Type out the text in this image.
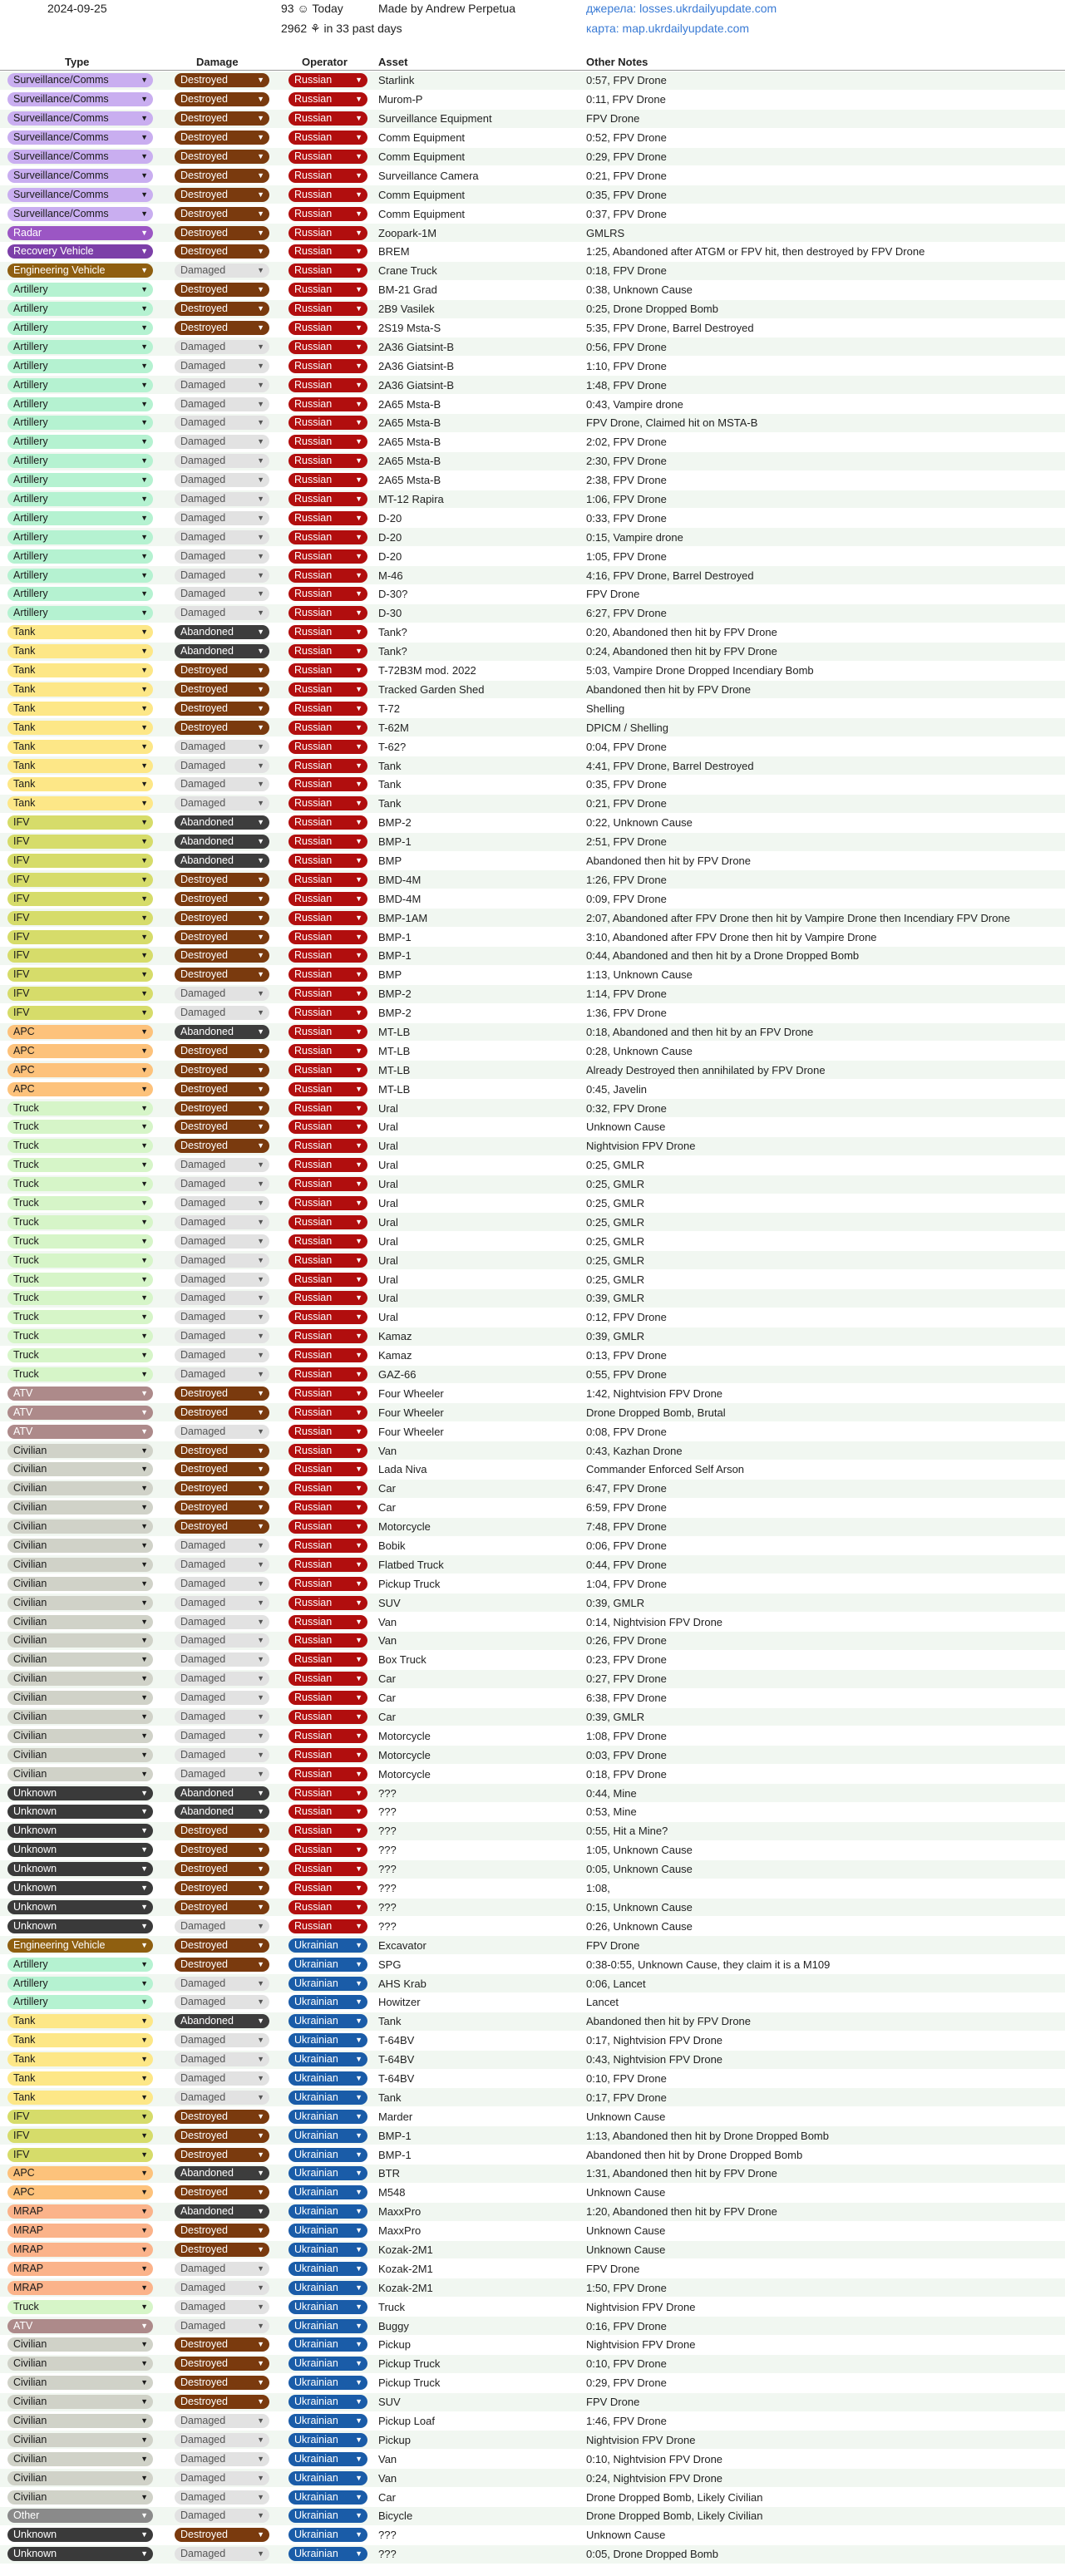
2024-09-25	93 ☺ Today
2962 ⚘ in 33 past days
Made by Andrew Perpetua	джерела: losses.ukrdailyupdate.com
карта: map.ukrdailyupdate.com
Type	Damage	Operator	Asset	Other Notes
Surveillance/Comms	▼	Destroyed	▼	Russian	▼ Starlink	0:57, FPV Drone
Surveillance/Comms	▼	Destroyed	▼	Russian	▼ Murom-P	0:11, FPV Drone
Surveillance/Comms	▼	Destroyed	▼	Russian	▼ Surveillance Equipment	FPV Drone
Surveillance/Comms	▼	Destroyed	▼	Russian	▼ Comm Equipment	0:52, FPV Drone
Surveillance/Comms	▼	Destroyed	▼	Russian	▼ Comm Equipment	0:29, FPV Drone
Surveillance/Comms	▼	Destroyed	▼	Russian	▼ Surveillance Camera	0:21, FPV Drone
Surveillance/Comms	▼	Destroyed	▼	Russian	▼ Comm Equipment	0:35, FPV Drone
Surveillance/Comms	▼	Destroyed	▼	Russian	▼ Comm Equipment	0:37, FPV Drone
Radar	▼	Destroyed	▼	Russian	▼ Zoopark-1M	GMLRS
Recovery Vehicle	▼	Destroyed	▼	Russian	▼ BREM	1:25, Abandoned after ATGM or FPV hit, then destroyed by FPV Drone
Engineering Vehicle	▼	Damaged	▼	Russian	▼ Crane Truck	0:18, FPV Drone
Artillery	▼	Destroyed	▼	Russian	▼ BM-21 Grad	0:38, Unknown Cause
Artillery	▼	Destroyed	▼	Russian	▼ 2B9 Vasilek	0:25, Drone Dropped Bomb
Artillery	▼	Destroyed	▼	Russian	▼ 2S19 Msta-S	5:35, FPV Drone, Barrel Destroyed
Artillery	▼	Damaged	▼	Russian	▼ 2A36 Giatsint-B	0:56, FPV Drone
Artillery	▼	Damaged	▼	Russian	▼ 2A36 Giatsint-B	1:10, FPV Drone
Artillery	▼	Damaged	▼	Russian	▼ 2A36 Giatsint-B	1:48, FPV Drone
Artillery	▼	Damaged	▼	Russian	▼ 2A65 Msta-B	0:43, Vampire drone
Artillery	▼	Damaged	▼	Russian	▼ 2A65 Msta-B	FPV Drone, Claimed hit on MSTA-B
Artillery	▼	Damaged	▼	Russian	▼ 2A65 Msta-B	2:02, FPV Drone
Artillery	▼	Damaged	▼	Russian	▼ 2A65 Msta-B	2:30, FPV Drone
Artillery	▼	Damaged	▼	Russian	▼ 2A65 Msta-B	2:38, FPV Drone
Artillery	▼	Damaged	▼	Russian	▼ MT-12 Rapira	1:06, FPV Drone
Artillery	▼	Damaged	▼	Russian	▼ D-20	0:33, FPV Drone
Artillery	▼	Damaged	▼	Russian	▼ D-20	0:15, Vampire drone
Artillery	▼	Damaged	▼	Russian	▼ D-20	1:05, FPV Drone
Artillery	▼	Damaged	▼	Russian	▼ M-46	4:16, FPV Drone, Barrel Destroyed
Artillery	▼	Damaged	▼	Russian	▼ D-30?	FPV Drone
Artillery	▼	Damaged	▼	Russian	▼ D-30	6:27, FPV Drone
Tank	▼	Abandoned	▼	Russian	▼ Tank?	0:20, Abandoned then hit by FPV Drone
Tank	▼	Abandoned	▼	Russian	▼ Tank?	0:24, Abandoned then hit by FPV Drone
Tank	▼	Destroyed	▼	Russian	▼ T-72B3M mod. 2022	5:03, Vampire Drone Dropped Incendiary Bomb
Tank	▼	Destroyed	▼	Russian	▼ Tracked Garden Shed	Abandoned then hit by FPV Drone
Tank	▼	Destroyed	▼	Russian	▼ T-72	Shelling
Tank	▼	Destroyed	▼	Russian	▼ T-62M	DPICM / Shelling
Tank	▼	Damaged	▼	Russian	▼ T-62?	0:04, FPV Drone
Tank	▼	Damaged	▼	Russian	▼ Tank	4:41, FPV Drone, Barrel Destroyed
Tank	▼	Damaged	▼	Russian	▼ Tank	0:35, FPV Drone
Tank	▼	Damaged	▼	Russian	▼ Tank	0:21, FPV Drone
IFV	▼	Abandoned	▼	Russian	▼ BMP-2	0:22, Unknown Cause
IFV	▼	Abandoned	▼	Russian	▼ BMP-1	2:51, FPV Drone
IFV	▼	Abandoned	▼	Russian	▼ BMP	Abandoned then hit by FPV Drone
IFV	▼	Destroyed	▼	Russian	▼ BMD-4M	1:26, FPV Drone
IFV	▼	Destroyed	▼	Russian	▼ BMD-4M	0:09, FPV Drone
IFV	▼	Destroyed	▼	Russian	▼ BMP-1AM	2:07, Abandoned after FPV Drone then hit by Vampire Drone then Incendiary FPV Drone
IFV	▼	Destroyed	▼	Russian	▼ BMP-1	3:10, Abandoned after FPV Drone then hit by Vampire Drone
IFV	▼	Destroyed	▼	Russian	▼ BMP-1	0:44, Abandoned and then hit by a Drone Dropped Bomb
IFV	▼	Destroyed	▼	Russian	▼ BMP	1:13, Unknown Cause
IFV	▼	Damaged	▼	Russian	▼ BMP-2	1:14, FPV Drone
IFV	▼	Damaged	▼	Russian	▼ BMP-2	1:36, FPV Drone
APC	▼	Abandoned	▼	Russian	▼ MT-LB	0:18, Abandoned and then hit by an FPV Drone
APC	▼	Destroyed	▼	Russian	▼ MT-LB	0:28, Unknown Cause
APC	▼	Destroyed	▼	Russian	▼ MT-LB	Already Destroyed then annihilated by FPV Drone
APC	▼	Destroyed	▼	Russian	▼ MT-LB	0:45, Javelin
Truck	▼	Destroyed	▼	Russian	▼ Ural	0:32, FPV Drone
Truck	▼	Destroyed	▼	Russian	▼ Ural	Unknown Cause
Truck	▼	Destroyed	▼	Russian	▼ Ural	Nightvision FPV Drone
Truck	▼	Damaged	▼	Russian	▼ Ural	0:25, GMLR
Truck	▼	Damaged	▼	Russian	▼ Ural	0:25, GMLR
Truck	▼	Damaged	▼	Russian	▼ Ural	0:25, GMLR
Truck	▼	Damaged	▼	Russian	▼ Ural	0:25, GMLR
Truck	▼	Damaged	▼	Russian	▼ Ural	0:25, GMLR
Truck	▼	Damaged	▼	Russian	▼ Ural	0:25, GMLR
Truck	▼	Damaged	▼	Russian	▼ Ural	0:25, GMLR
Truck	▼	Damaged	▼	Russian	▼ Ural	0:39, GMLR
Truck	▼	Damaged	▼	Russian	▼ Ural	0:12, FPV Drone
Truck	▼	Damaged	▼	Russian	▼ Kamaz	0:39, GMLR
Truck	▼	Damaged	▼	Russian	▼ Kamaz	0:13, FPV Drone
Truck	▼	Damaged	▼	Russian	▼ GAZ-66	0:55, FPV Drone
ATV	▼	Destroyed	▼	Russian	▼ Four Wheeler	1:42, Nightvision FPV Drone
ATV	▼	Destroyed	▼	Russian	▼ Four Wheeler	Drone Dropped Bomb, Brutal
ATV	▼	Damaged	▼	Russian	▼ Four Wheeler	0:08, FPV Drone
Civilian	▼	Destroyed	▼	Russian	▼ Van	0:43, Kazhan Drone
Civilian	▼	Destroyed	▼	Russian	▼ Lada Niva	Commander Enforced Self Arson
Civilian	▼	Destroyed	▼	Russian	▼ Car	6:47, FPV Drone
Civilian	▼	Destroyed	▼	Russian	▼ Car	6:59, FPV Drone
Civilian	▼	Destroyed	▼	Russian	▼ Motorcycle	7:48, FPV Drone
Civilian	▼	Damaged	▼	Russian	▼ Bobik	0:06, FPV Drone
Civilian	▼	Damaged	▼	Russian	▼ Flatbed Truck	0:44, FPV Drone
Civilian	▼	Damaged	▼	Russian	▼ Pickup Truck	1:04, FPV Drone
Civilian	▼	Damaged	▼	Russian	▼ SUV	0:39, GMLR
Civilian	▼	Damaged	▼	Russian	▼ Van	0:14, Nightvision FPV Drone
Civilian	▼	Damaged	▼	Russian	▼ Van	0:26, FPV Drone
Civilian	▼	Damaged	▼	Russian	▼ Box Truck	0:23, FPV Drone
Civilian	▼	Damaged	▼	Russian	▼ Car	0:27, FPV Drone
Civilian	▼	Damaged	▼	Russian	▼ Car	6:38, FPV Drone
Civilian	▼	Damaged	▼	Russian	▼ Car	0:39, GMLR
Civilian	▼	Damaged	▼	Russian	▼ Motorcycle	1:08, FPV Drone
Civilian	▼	Damaged	▼	Russian	▼ Motorcycle	0:03, FPV Drone
Civilian	▼	Damaged	▼	Russian	▼ Motorcycle	0:18, FPV Drone
Unknown	▼	Abandoned	▼	Russian	▼ ???	0:44, Mine
Unknown	▼	Abandoned	▼	Russian	▼ ???	0:53, Mine
Unknown	▼	Destroyed	▼	Russian	▼ ???	0:55, Hit a Mine?
Unknown	▼	Destroyed	▼	Russian	▼ ???	1:05, Unknown Cause
Unknown	▼	Destroyed	▼	Russian	▼ ???	0:05, Unknown Cause
Unknown	▼	Destroyed	▼	Russian	▼ ???	1:08,
Unknown	▼	Destroyed	▼	Russian	▼ ???	0:15, Unknown Cause
Unknown	▼	Damaged	▼	Russian	▼ ???	0:26, Unknown Cause
Engineering Vehicle	▼	Destroyed	▼	Ukrainian ▼ Excavator	FPV Drone
Artillery	▼	Destroyed	▼	Ukrainian ▼ SPG	0:38-0:55, Unknown Cause, they claim it is a M109
Artillery	▼	Damaged	▼	Ukrainian ▼ AHS Krab	0:06, Lancet
Artillery	▼	Damaged	▼	Ukrainian ▼ Howitzer	Lancet
Tank	▼	Abandoned	▼	Ukrainian ▼ Tank	Abandoned then hit by FPV Drone
Tank	▼	Damaged	▼	Ukrainian ▼ T-64BV	0:17, Nightvision FPV Drone
Tank	▼	Damaged	▼	Ukrainian ▼ T-64BV	0:43, Nightvision FPV Drone
Tank	▼	Damaged	▼	Ukrainian ▼ T-64BV	0:10, FPV Drone
Tank	▼	Damaged	▼	Ukrainian ▼ Tank	0:17, FPV Drone
IFV	▼	Destroyed	▼	Ukrainian ▼ Marder	Unknown Cause
IFV	▼	Destroyed	▼	Ukrainian ▼ BMP-1	1:13, Abandoned then hit by Drone Dropped Bomb
IFV	▼	Destroyed	▼	Ukrainian ▼ BMP-1	Abandoned then hit by Drone Dropped Bomb
APC	▼	Abandoned	▼	Ukrainian ▼ BTR	1:31, Abandoned then hit by FPV Drone
APC	▼	Destroyed	▼	Ukrainian ▼ M548	Unknown Cause
MRAP	▼	Abandoned	▼	Ukrainian ▼ MaxxPro	1:20, Abandoned then hit by FPV Drone
MRAP	▼	Destroyed	▼	Ukrainian ▼ MaxxPro	Unknown Cause
MRAP	▼	Destroyed	▼	Ukrainian ▼ Kozak-2M1	Unknown Cause
MRAP	▼	Damaged	▼	Ukrainian ▼ Kozak-2M1	FPV Drone
MRAP	▼	Damaged	▼	Ukrainian ▼ Kozak-2M1	1:50, FPV Drone
Truck	▼	Damaged	▼	Ukrainian ▼ Truck	Nightvision FPV Drone
ATV	▼	Damaged	▼	Ukrainian ▼ Buggy	0:16, FPV Drone
Civilian	▼	Destroyed	▼	Ukrainian ▼ Pickup	Nightvision FPV Drone
Civilian	▼	Destroyed	▼	Ukrainian ▼ Pickup Truck	0:10, FPV Drone
Civilian	▼	Destroyed	▼	Ukrainian ▼ Pickup Truck	0:29, FPV Drone
Civilian	▼	Destroyed	▼	Ukrainian ▼ SUV	FPV Drone
Civilian	▼	Damaged	▼	Ukrainian ▼ Pickup Loaf	1:46, FPV Drone
Civilian	▼	Damaged	▼	Ukrainian ▼ Pickup	Nightvision FPV Drone
Civilian	▼	Damaged	▼	Ukrainian ▼ Van	0:10, Nightvision FPV Drone
Civilian	▼	Damaged	▼	Ukrainian ▼ Van	0:24, Nightvision FPV Drone
Civilian	▼	Damaged	▼	Ukrainian ▼ Car	Drone Dropped Bomb, Likely Civilian
Other	▼	Damaged	▼	Ukrainian ▼ Bicycle	Drone Dropped Bomb, Likely Civilian
Unknown	▼	Destroyed	▼	Ukrainian ▼ ???	Unknown Cause
Unknown	▼	Damaged	▼	Ukrainian ▼ ???	0:05, Drone Dropped Bomb
